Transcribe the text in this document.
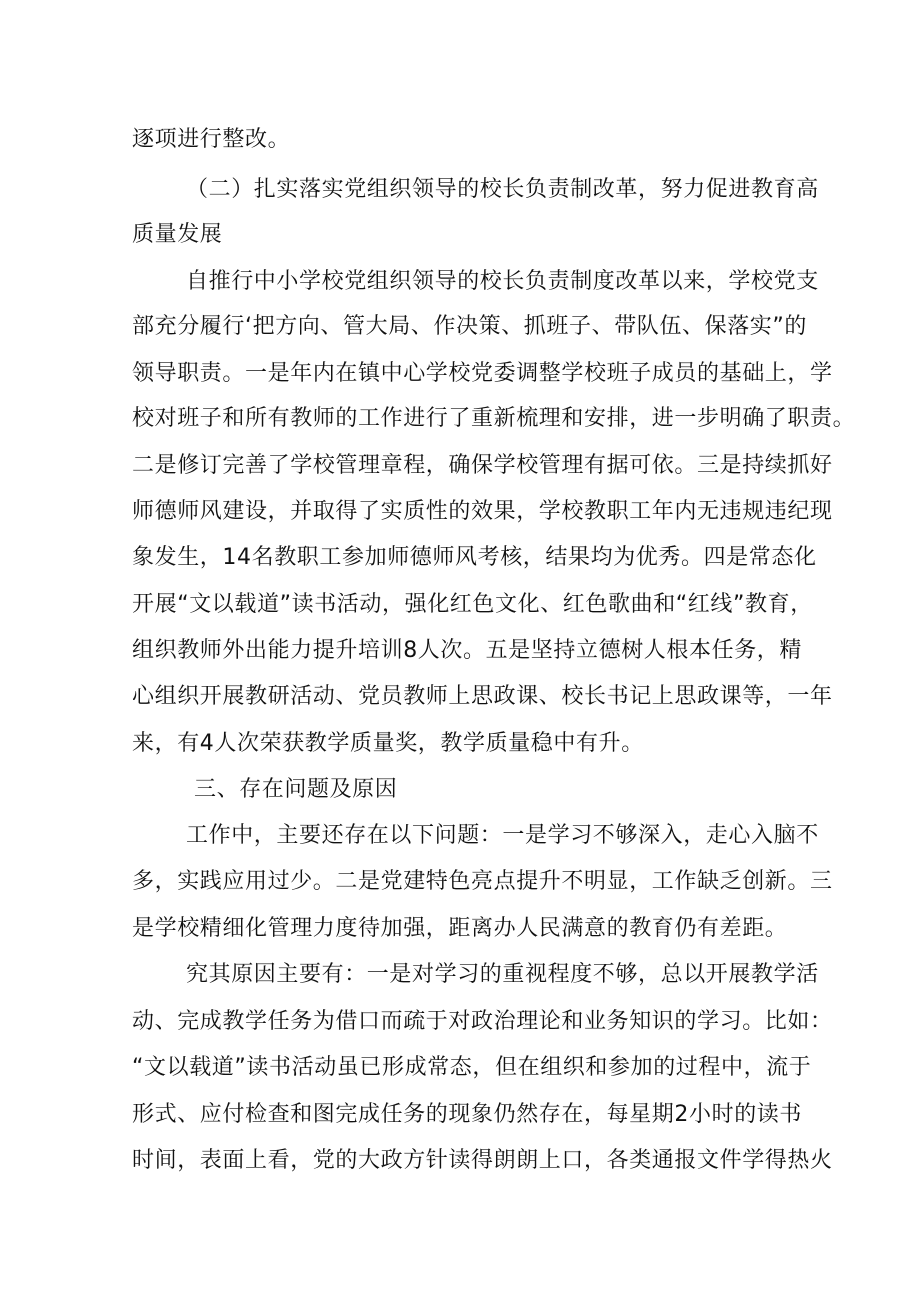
逐项进行整改。
（二）扎实落实党组织领导的校长负责制改革，努力促进教育高
质量发展
自推行中小学校党组织领导的校长负责制度改革以来，学校党支
部充分履行‘把方向、管大局、作决策、抓班子、带队伍、保落实”的
领导职责。一是年内在镇中心学校党委调整学校班子成员的基础上，学
校对班子和所有教师的工作进行了重新梳理和安排，进一步明确了职责。
二是修订完善了学校管理章程，确保学校管理有据可依。三是持续抓好
师德师风建设，并取得了实质性的效果，学校教职工年内无违规违纪现
象发生，14名教职工参加师德师风考核，结果均为优秀。四是常态化
开展“文以载道”读书活动，强化红色文化、红色歌曲和“红线”教育，
组织教师外出能力提升培训8人次。五是坚持立德树人根本任务，精
心组织开展教研活动、党员教师上思政课、校长书记上思政课等，一年
来，有4人次荣获教学质量奖，教学质量稳中有升。
三、存在问题及原因
工作中，主要还存在以下问题：一是学习不够深入，走心入脑不
多，实践应用过少。二是党建特色亮点提升不明显，工作缺乏创新。三
是学校精细化管理力度待加强，距离办人民满意的教育仍有差距。
究其原因主要有：一是对学习的重视程度不够，总以开展教学活
动、完成教学任务为借口而疏于对政治理论和业务知识的学习。比如：
“文以载道”读书活动虽已形成常态，但在组织和参加的过程中，流于
形式、应付检查和图完成任务的现象仍然存在，每星期2小时的读书
时间，表面上看，党的大政方针读得朗朗上口，各类通报文件学得热火
